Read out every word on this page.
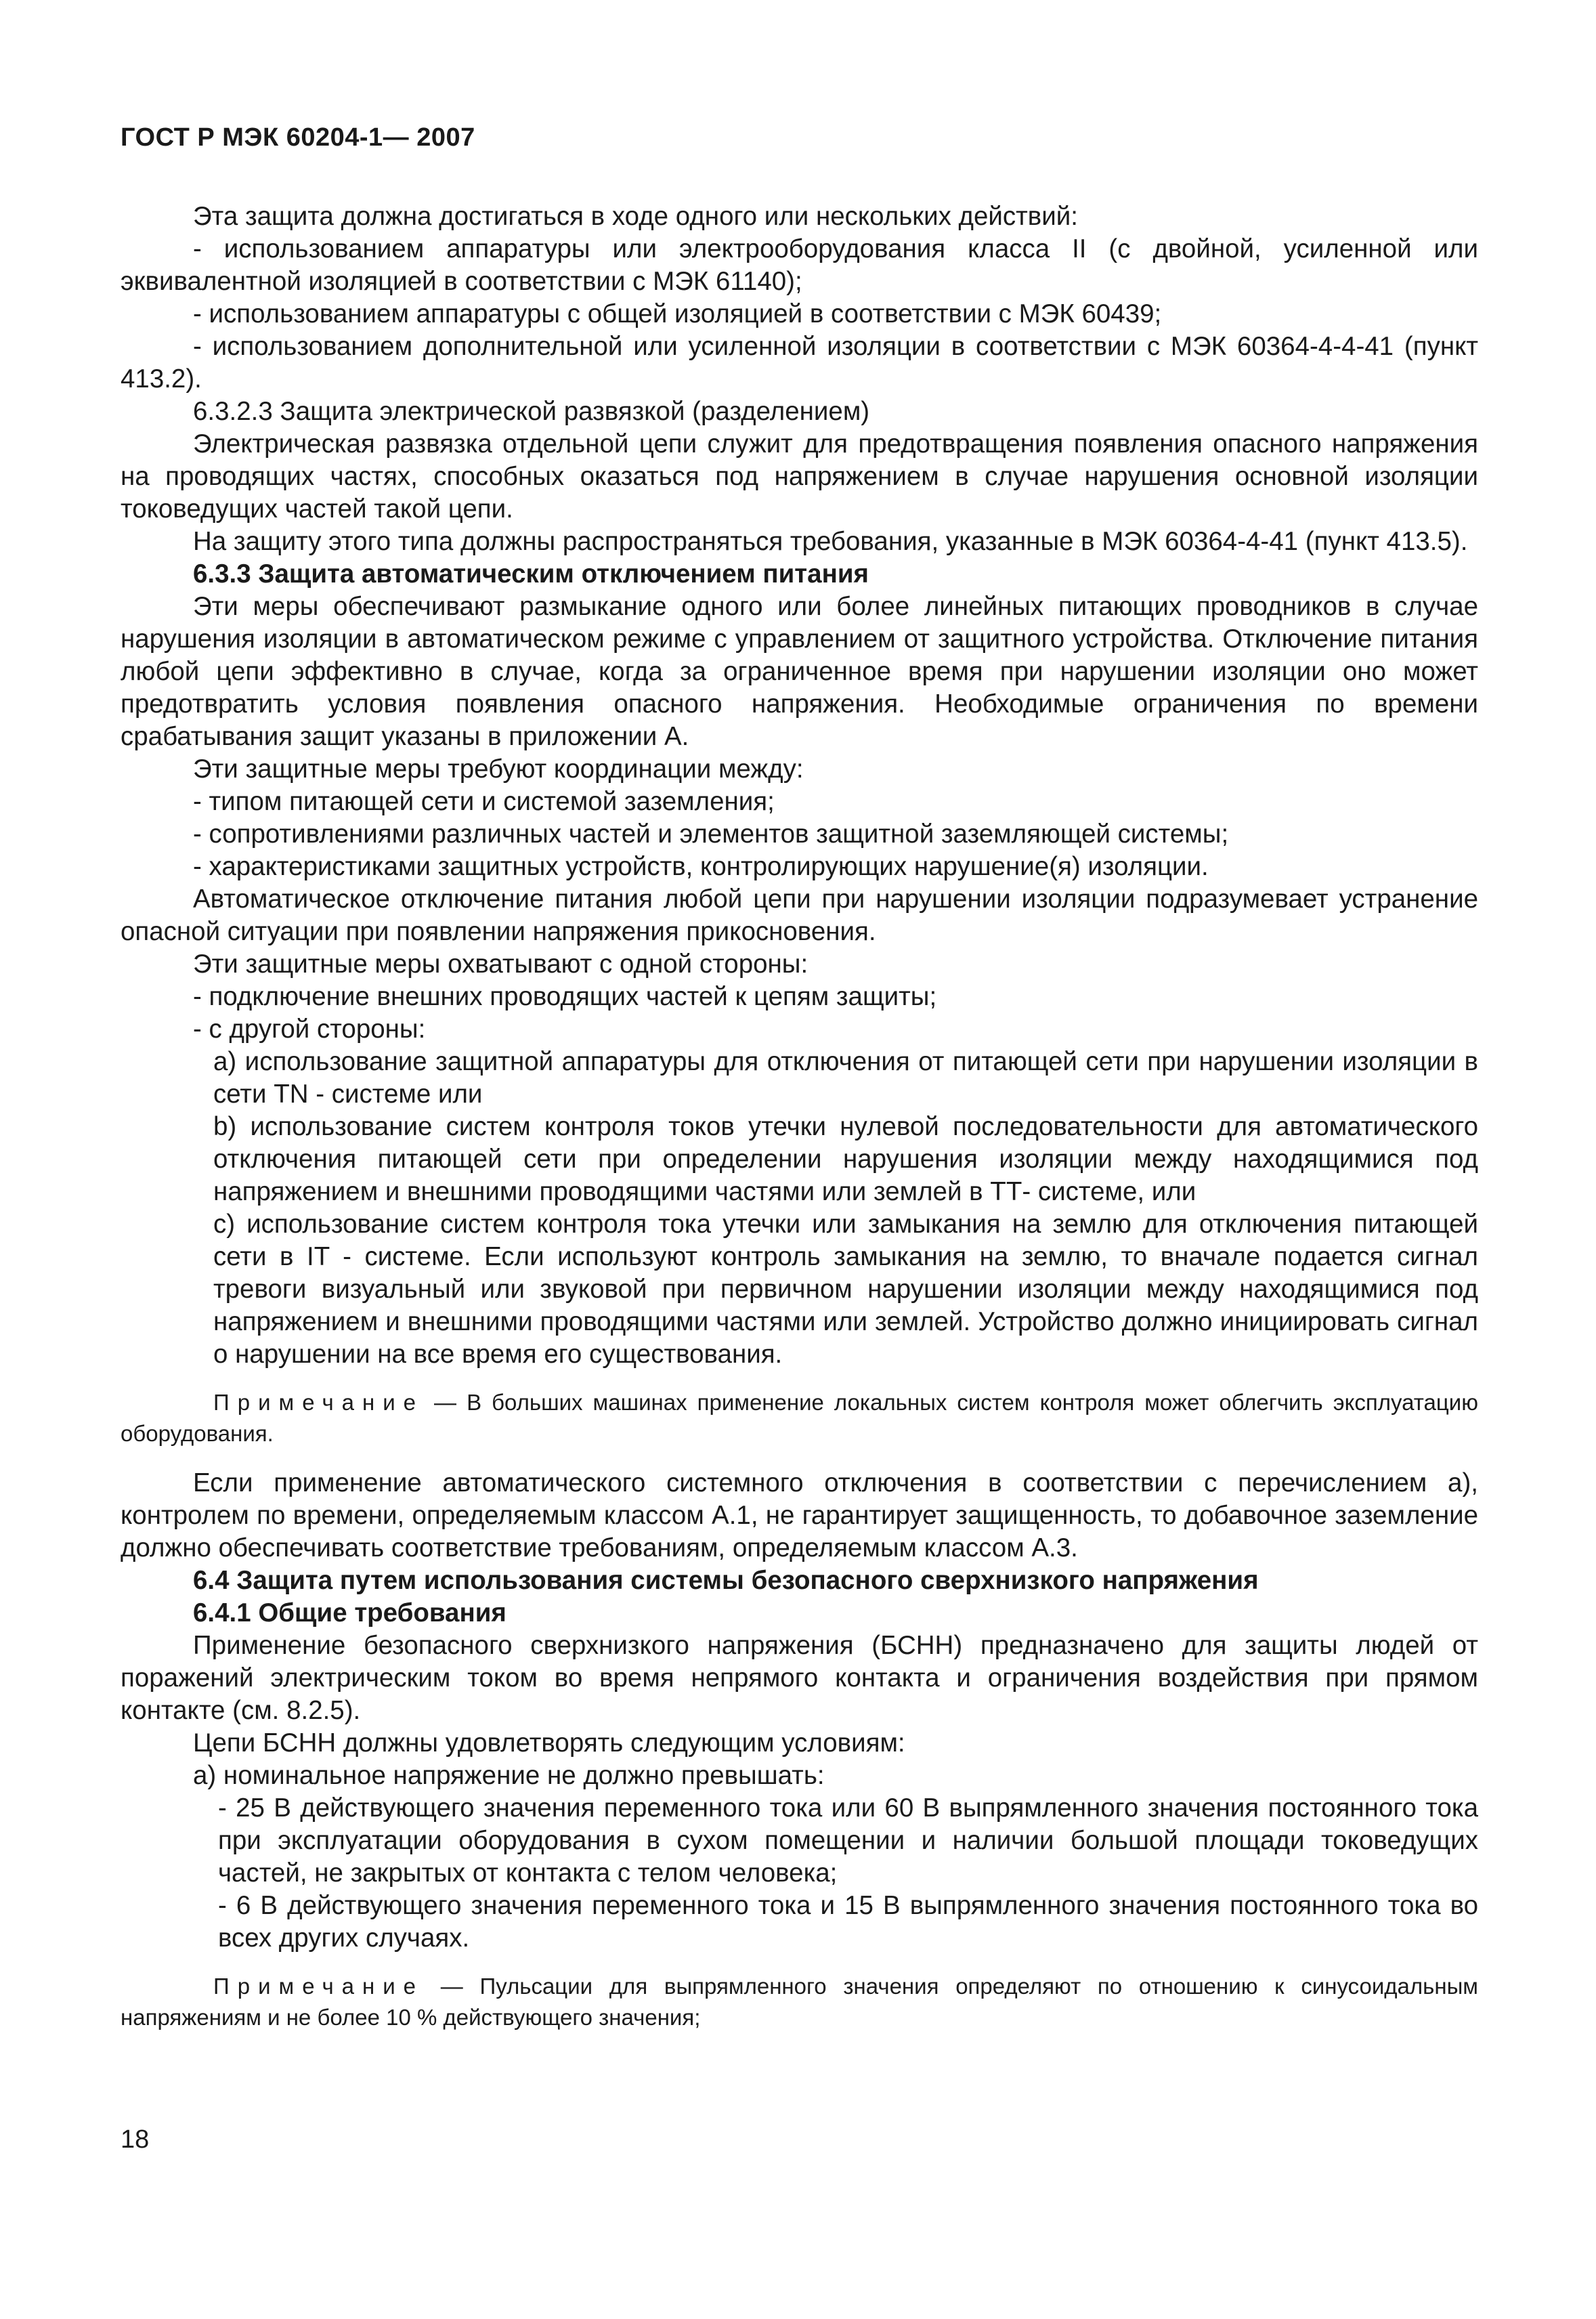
ГОСТ Р МЭК 60204-1— 2007

Эта защита должна достигаться в ходе одного или нескольких действий:

- использованием аппаратуры или электрооборудования класса II (с двойной, усиленной или эквивалентной изоляцией в соответствии с МЭК 61140);

- использованием аппаратуры с общей изоляцией в соответствии с МЭК 60439;

- использованием дополнительной или усиленной изоляции в соответствии с МЭК 60364-4-4-41 (пункт 413.2).

6.3.2.3 Защита электрической развязкой (разделением)

Электрическая развязка отдельной цепи служит для предотвращения появления опасного напряжения на проводящих частях, способных оказаться под напряжением в случае нарушения основной изоляции токоведущих частей такой цепи.

На защиту этого типа должны распространяться требования, указанные в МЭК 60364-4-41 (пункт 413.5).

6.3.3 Защита автоматическим отключением питания

Эти меры обеспечивают размыкание одного или более линейных питающих проводников в случае нарушения изоляции в автоматическом режиме с управлением от защитного устройства. Отключение питания любой цепи эффективно в случае, когда за ограниченное время при нарушении изоляции оно может предотвратить условия появления опасного напряжения. Необходимые ограничения по времени срабатывания защит указаны в приложении А.

Эти защитные меры требуют координации между:

- типом питающей сети и системой заземления;

- сопротивлениями различных частей и элементов защитной заземляющей системы;

- характеристиками защитных устройств, контролирующих нарушение(я) изоляции.

Автоматическое отключение питания любой цепи при нарушении изоляции подразумевает устранение опасной ситуации при появлении напряжения прикосновения.

Эти защитные меры охватывают с одной стороны:

- подключение внешних проводящих частей к цепям защиты;

- с другой стороны:

a) использование защитной аппаратуры для отключения от питающей сети при нарушении изоляции в сети TN - системе или

b) использование систем контроля токов утечки нулевой последовательности для автоматического отключения питающей сети при определении нарушения изоляции между находящимися под напряжением и внешними проводящими частями или землей в ТТ- системе, или

c) использование систем контроля тока утечки или замыкания на землю для отключения питающей сети в IT - системе. Если используют контроль замыкания на землю, то вначале подается сигнал тревоги визуальный или звуковой при первичном нарушении изоляции между находящимися под напряжением и внешними проводящими частями или землей. Устройство должно инициировать сигнал о нарушении на все время его существования.

Примечание — В больших машинах применение локальных систем контроля может облегчить эксплуатацию оборудования.

Если применение автоматического системного отключения в соответствии с перечислением а), контролем по времени, определяемым классом А.1, не гарантирует защищенность, то добавочное заземление должно обеспечивать соответствие требованиям, определяемым классом А.3.

6.4 Защита путем использования системы безопасного сверхнизкого напряжения

6.4.1 Общие требования

Применение безопасного сверхнизкого напряжения (БСНН) предназначено для защиты людей от поражений электрическим током во время непрямого контакта и ограничения воздействия при прямом контакте (см. 8.2.5).

Цепи БСНН должны удовлетворять следующим условиям:

а) номинальное напряжение не должно превышать:

- 25 В действующего значения переменного тока или 60 В выпрямленного значения постоянного тока при эксплуатации оборудования в сухом помещении и наличии большой площади токоведущих частей, не закрытых от контакта с телом человека;

- 6 В действующего значения переменного тока и 15 В выпрямленного значения постоянного тока во всех других случаях.

Примечание — Пульсации для выпрямленного значения определяют по отношению к синусоидальным напряжениям и не более 10 % действующего значения;

18
